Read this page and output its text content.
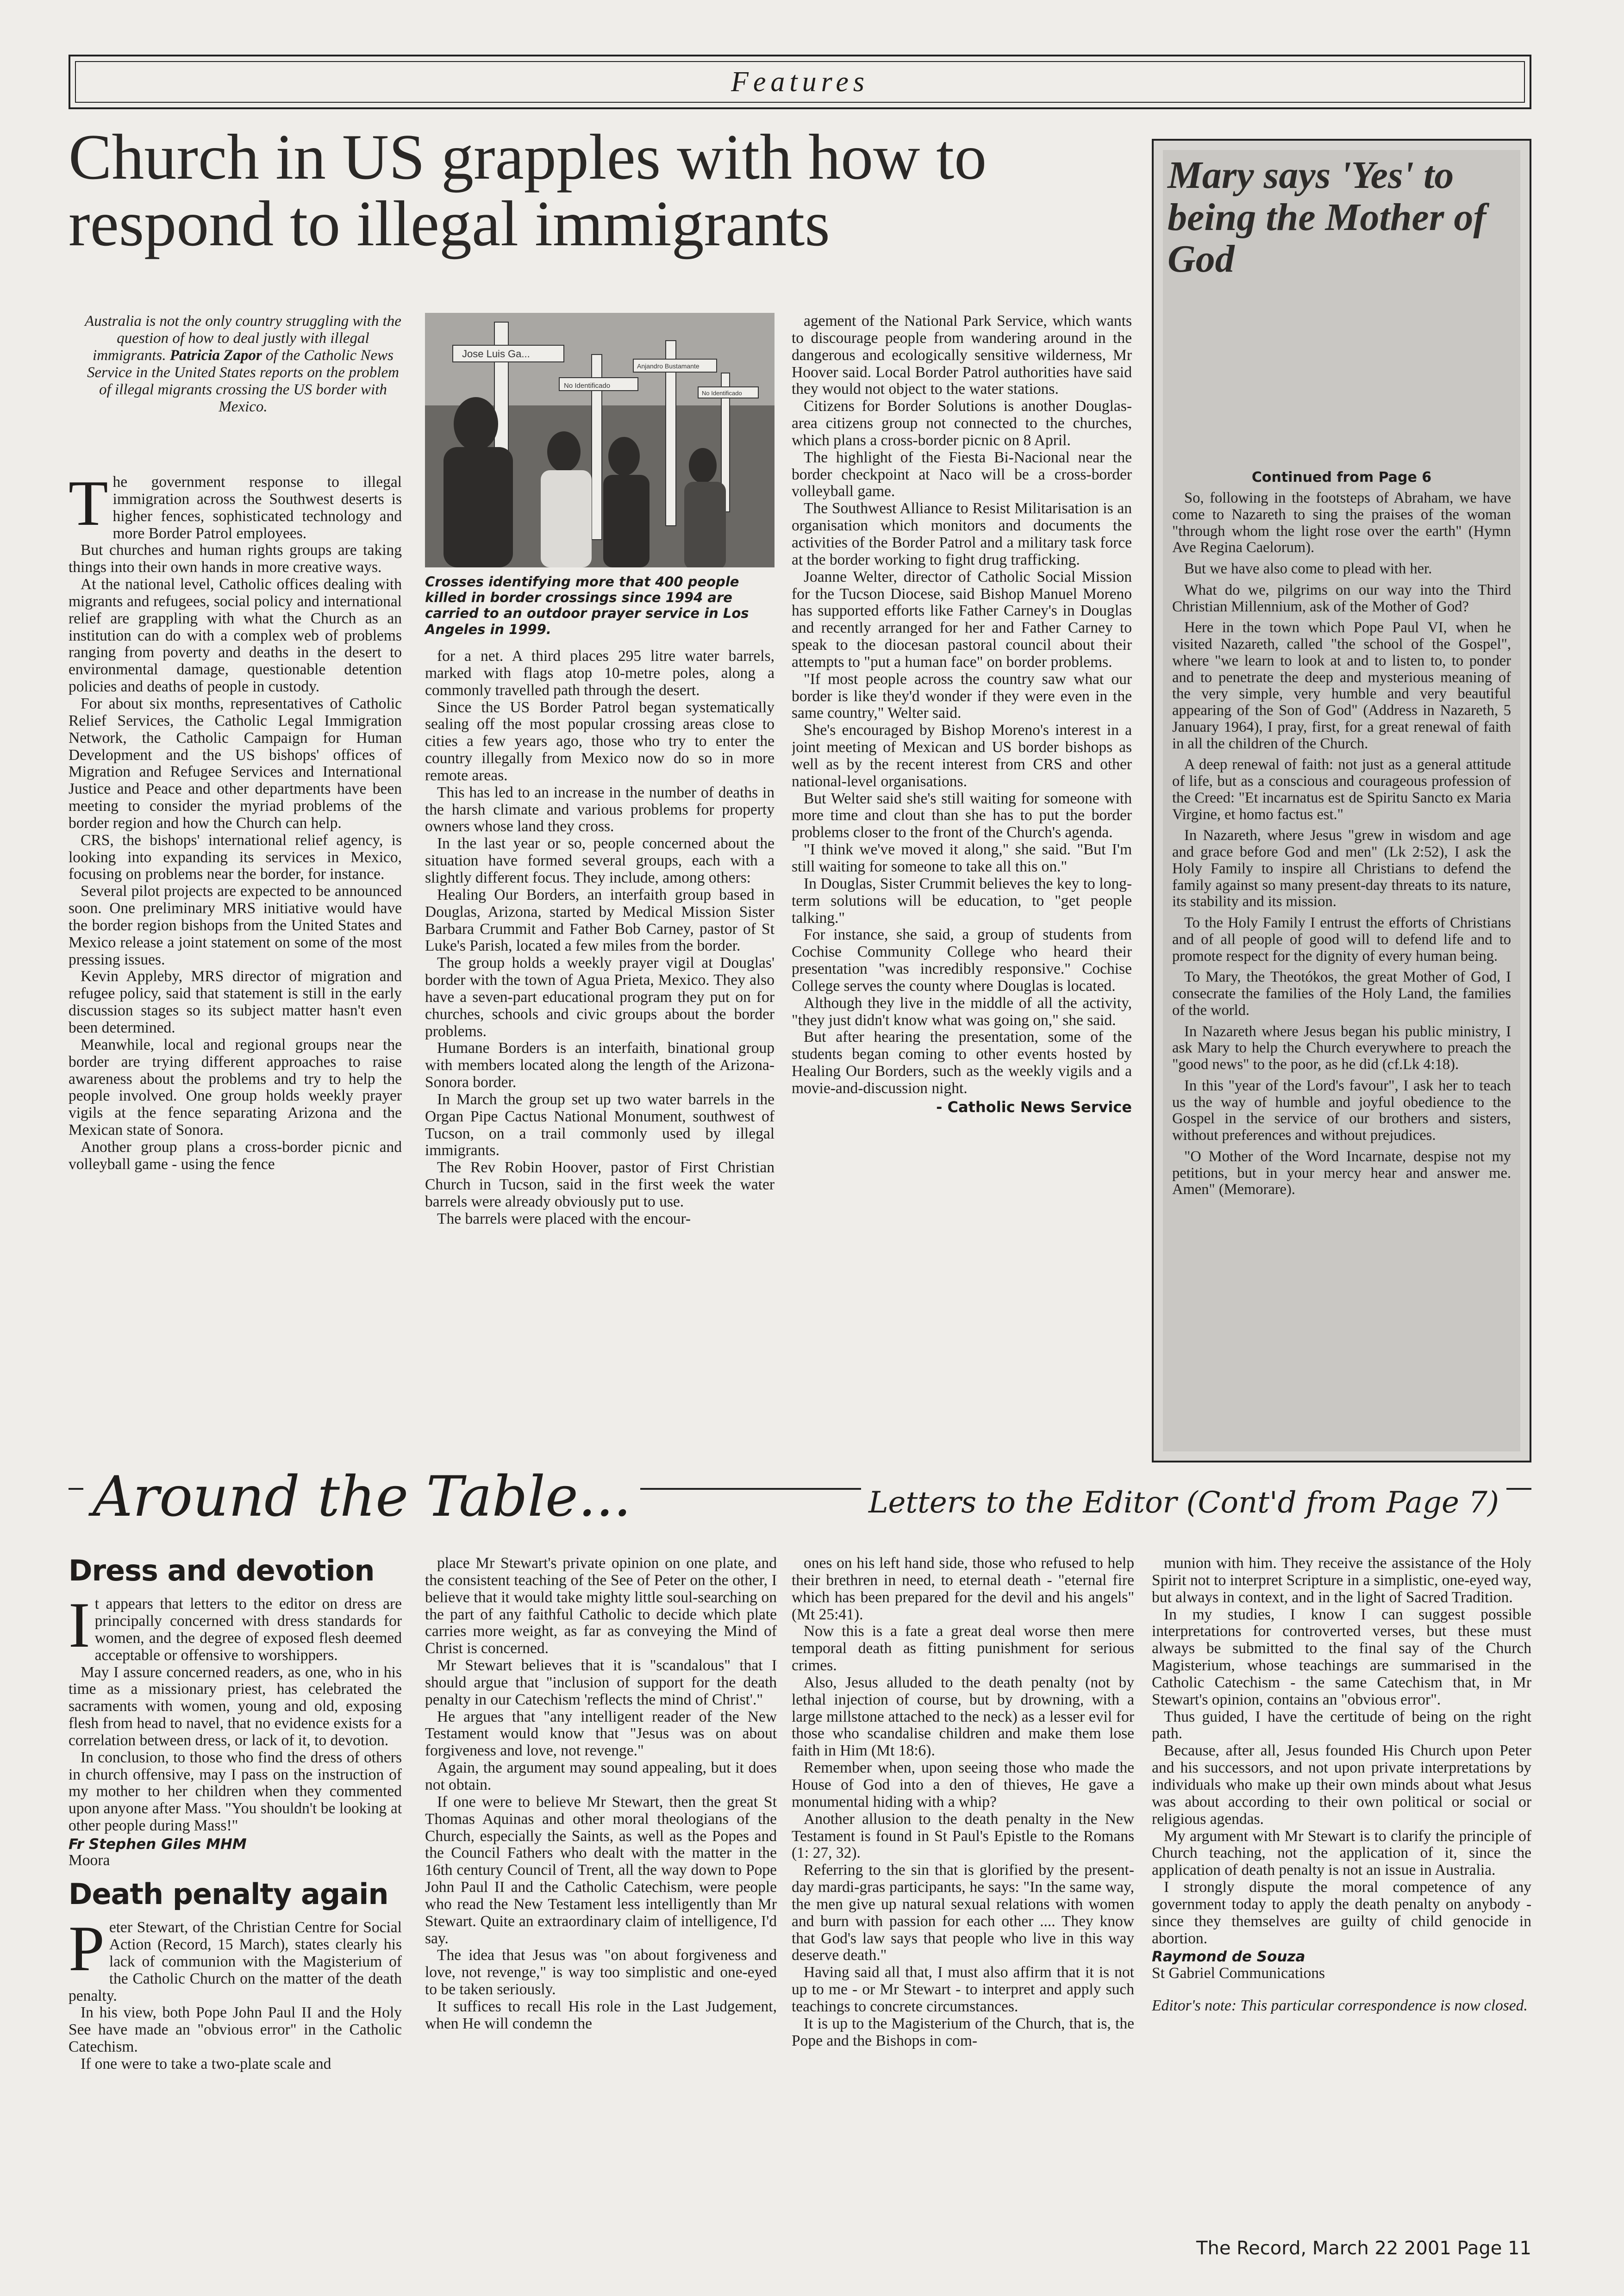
Features
Church in US grapples with how to respond to illegal immigrants
Australia is not the only country struggling with the question of how to deal justly with illegal immigrants. Patricia Zapor of the Catholic News Service in the United States reports on the problem of illegal migrants crossing the US border with Mexico.
Jose Luis Ga...
No Identificado
No Identificado
Anjandro Bustamante
Crosses identifying more that 400 people killed in border crossings since 1994 are carried to an outdoor prayer service in Los Angeles in 1999.

The government response to illegal immigration across the Southwest deserts is higher fences, sophisticated technology and more Border Patrol employees.

But churches and human rights groups are taking things into their own hands in more creative ways.

At the national level, Catholic offices dealing with migrants and refugees, social policy and international relief are grappling with what the Church as an institution can do with a complex web of problems ranging from poverty and deaths in the desert to environmental damage, questionable detention policies and deaths of people in custody.

For about six months, representatives of Catholic Relief Services, the Catholic Legal Immigration Network, the Catholic Campaign for Human Development and the US bishops' offices of Migration and Refugee Services and International Justice and Peace and other departments have been meeting to consider the myriad problems of the border region and how the Church can help.

CRS, the bishops' international relief agency, is looking into expanding its services in Mexico, focusing on problems near the border, for instance.

Several pilot projects are expected to be announced soon. One preliminary MRS initiative would have the border region bishops from the United States and Mexico release a joint statement on some of the most pressing issues.

Kevin Appleby, MRS director of migration and refugee policy, said that statement is still in the early discussion stages so its subject matter hasn't even been determined.

Meanwhile, local and regional groups near the border are trying different approaches to raise awareness about the problems and try to help the people involved. One group holds weekly prayer vigils at the fence separating Arizona and the Mexican state of Sonora.

Another group plans a cross-border picnic and volleyball game - using the fence

for a net. A third places 295 litre water barrels, marked with flags atop 10-metre poles, along a commonly travelled path through the desert.

Since the US Border Patrol began systematically sealing off the most popular crossing areas close to cities a few years ago, those who try to enter the country illegally from Mexico now do so in more remote areas.

This has led to an increase in the number of deaths in the harsh climate and various problems for property owners whose land they cross.

In the last year or so, people concerned about the situation have formed several groups, each with a slightly different focus. They include, among others:

Healing Our Borders, an interfaith group based in Douglas, Arizona, started by Medical Mission Sister Barbara Crummit and Father Bob Carney, pastor of St Luke's Parish, located a few miles from the border.

The group holds a weekly prayer vigil at Douglas' border with the town of Agua Prieta, Mexico. They also have a seven-part educational program they put on for churches, schools and civic groups about the border problems.

Humane Borders is an interfaith, binational group with members located along the length of the Arizona-Sonora border.

In March the group set up two water barrels in the Organ Pipe Cactus National Monument, southwest of Tucson, on a trail commonly used by illegal immigrants.

The Rev Robin Hoover, pastor of First Christian Church in Tucson, said in the first week the water barrels were already obviously put to use.

The barrels were placed with the encour-

agement of the National Park Service, which wants to discourage people from wandering around in the dangerous and ecologically sensitive wilderness, Mr Hoover said. Local Border Patrol authorities have said they would not object to the water stations.

Citizens for Border Solutions is another Douglas-area citizens group not connected to the churches, which plans a cross-border picnic on 8 April.

The highlight of the Fiesta Bi-Nacional near the border checkpoint at Naco will be a cross-border volleyball game.

The Southwest Alliance to Resist Militarisation is an organisation which monitors and documents the activities of the Border Patrol and a military task force at the border working to fight drug trafficking.

Joanne Welter, director of Catholic Social Mission for the Tucson Diocese, said Bishop Manuel Moreno has supported efforts like Father Carney's in Douglas and recently arranged for her and Father Carney to speak to the diocesan pastoral council about their attempts to "put a human face" on border problems.

"If most people across the country saw what our border is like they'd wonder if they were even in the same country," Welter said.

She's encouraged by Bishop Moreno's interest in a joint meeting of Mexican and US border bishops as well as by the recent interest from CRS and other national-level organisations.

But Welter said she's still waiting for someone with more time and clout than she has to put the border problems closer to the front of the Church's agenda.

"I think we've moved it along," she said. "But I'm still waiting for someone to take all this on."

In Douglas, Sister Crummit believes the key to long-term solutions will be education, to "get people talking."

For instance, she said, a group of students from Cochise Community College who heard their presentation "was incredibly responsive." Cochise College serves the county where Douglas is located.

Although they live in the middle of all the activity, "they just didn't know what was going on," she said.

But after hearing the presentation, some of the students began coming to other events hosted by Healing Our Borders, such as the weekly vigils and a movie-and-discussion night.

- Catholic News Service
Mary says 'Yes' to being the Mother of God
Continued from Page 6

So, following in the footsteps of Abraham, we have come to Nazareth to sing the praises of the woman "through whom the light rose over the earth" (Hymn Ave Regina Caelorum).

But we have also come to plead with her.

What do we, pilgrims on our way into the Third Christian Millennium, ask of the Mother of God?

Here in the town which Pope Paul VI, when he visited Nazareth, called "the school of the Gospel", where "we learn to look at and to listen to, to ponder and to penetrate the deep and mysterious meaning of the very simple, very humble and very beautiful appearing of the Son of God" (Address in Nazareth, 5 January 1964), I pray, first, for a great renewal of faith in all the children of the Church.

A deep renewal of faith: not just as a general attitude of life, but as a conscious and courageous profession of the Creed: "Et incarnatus est de Spiritu Sancto ex Maria Virgine, et homo factus est."

In Nazareth, where Jesus "grew in wisdom and age and grace before God and men" (Lk 2:52), I ask the Holy Family to inspire all Christians to defend the family against so many present-day threats to its nature, its stability and its mission.

To the Holy Family I entrust the efforts of Christians and of all people of good will to defend life and to promote respect for the dignity of every human being.

To Mary, the Theotókos, the great Mother of God, I consecrate the families of the Holy Land, the families of the world.

In Nazareth where Jesus began his public ministry, I ask Mary to help the Church everywhere to preach the "good news" to the poor, as he did (cf.Lk 4:18).

In this "year of the Lord's favour", I ask her to teach us the way of humble and joyful obedience to the Gospel in the service of our brothers and sisters, without preferences and without prejudices.

"O Mother of the Word Incarnate, despise not my petitions, but in your mercy hear and answer me. Amen" (Memorare).

Around the Table...	Letters to the Editor (Cont'd from Page 7)
Dress and devotion

It appears that letters to the editor on dress are principally concerned with dress standards for women, and the degree of exposed flesh deemed acceptable or offensive to worshippers.

May I assure concerned readers, as one, who in his time as a missionary priest, has celebrated the sacraments with women, young and old, exposing flesh from head to navel, that no evidence exists for a correlation between dress, or lack of it, to devotion.

In conclusion, to those who find the dress of others in church offensive, may I pass on the instruction of my mother to her children when they commented upon anyone after Mass. "You shouldn't be looking at other people during Mass!"

Fr Stephen Giles MHM

Moora

Death penalty again

Peter Stewart, of the Christian Centre for Social Action (Record, 15 March), states clearly his lack of communion with the Magisterium of the Catholic Church on the matter of the death penalty.

In his view, both Pope John Paul II and the Holy See have made an "obvious error" in the Catholic Catechism.

If one were to take a two-plate scale and

place Mr Stewart's private opinion on one plate, and the consistent teaching of the See of Peter on the other, I believe that it would take mighty little soul-searching on the part of any faithful Catholic to decide which plate carries more weight, as far as conveying the Mind of Christ is concerned.

Mr Stewart believes that it is "scandalous" that I should argue that "inclusion of support for the death penalty in our Catechism 'reflects the mind of Christ'."

He argues that "any intelligent reader of the New Testament would know that "Jesus was on about forgiveness and love, not revenge."

Again, the argument may sound appealing, but it does not obtain.

If one were to believe Mr Stewart, then the great St Thomas Aquinas and other moral theologians of the Church, especially the Saints, as well as the Popes and the Council Fathers who dealt with the matter in the 16th century Council of Trent, all the way down to Pope John Paul II and the Catholic Catechism, were people who read the New Testament less intelligently than Mr Stewart. Quite an extraordinary claim of intelligence, I'd say.

The idea that Jesus was "on about forgiveness and love, not revenge," is way too simplistic and one-eyed to be taken seriously.

It suffices to recall His role in the Last Judgement, when He will condemn the

ones on his left hand side, those who refused to help their brethren in need, to eternal death - "eternal fire which has been prepared for the devil and his angels" (Mt 25:41).

Now this is a fate a great deal worse then mere temporal death as fitting punishment for serious crimes.

Also, Jesus alluded to the death penalty (not by lethal injection of course, but by drowning, with a large millstone attached to the neck) as a lesser evil for those who scandalise children and make them lose faith in Him (Mt 18:6).

Remember when, upon seeing those who made the House of God into a den of thieves, He gave a monumental hiding with a whip?

Another allusion to the death penalty in the New Testament is found in St Paul's Epistle to the Romans (1: 27, 32).

Referring to the sin that is glorified by the present-day mardi-gras participants, he says: "In the same way, the men give up natural sexual relations with women and burn with passion for each other .... They know that God's law says that people who live in this way deserve death."

Having said all that, I must also affirm that it is not up to me - or Mr Stewart - to interpret and apply such teachings to concrete circumstances.

It is up to the Magisterium of the Church, that is, the Pope and the Bishops in com-

munion with him. They receive the assistance of the Holy Spirit not to interpret Scripture in a simplistic, one-eyed way, but always in context, and in the light of Sacred Tradition.

In my studies, I know I can suggest possible interpretations for controverted verses, but these must always be submitted to the final say of the Church Magisterium, whose teachings are summarised in the Catholic Catechism - the same Catechism that, in Mr Stewart's opinion, contains an "obvious error".

Thus guided, I have the certitude of being on the right path.

Because, after all, Jesus founded His Church upon Peter and his successors, and not upon private interpretations by individuals who make up their own minds about what Jesus was about according to their own political or social or religious agendas.

My argument with Mr Stewart is to clarify the principle of Church teaching, not the application of it, since the application of death penalty is not an issue in Australia.

I strongly dispute the moral competence of any government today to apply the death penalty on anybody - since they themselves are guilty of child genocide in abortion.

Raymond de Souza

St Gabriel Communications

Editor's note: This particular correspondence is now closed.

The Record, March 22 2001 Page 11
